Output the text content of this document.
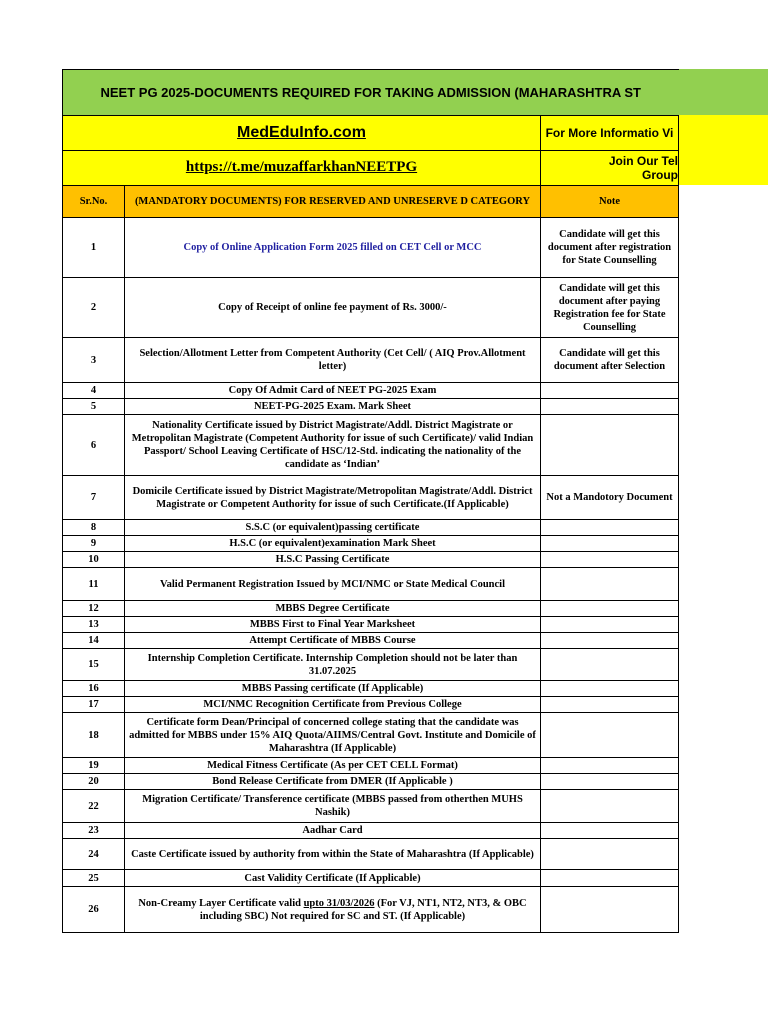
NEET PG 2025-DOCUMENTS REQUIRED FOR TAKING ADMISSION (MAHARASHTRA ST		
MedEduInfo.com		For More Informatio Vi
https://t.me/muzaffarkhanNEETPG		Join Our Tel
Group

Sr.No.	(MANDATORY DOCUMENTS) FOR RESERVED AND UNRESERVE D CATEGORY	Note
1	Copy of Online Application Form 2025 filled on CET Cell or MCC	Candidate will get this document after registration for State Counselling
2	Copy of Receipt of online fee payment of Rs. 3000/-	Candidate will get this document after paying Registration fee for State Counselling
3	Selection/Allotment Letter from Competent Authority (Cet Cell/ ( AIQ Prov.Allotment letter)	Candidate will get this document after Selection
4	Copy Of Admit Card of NEET PG-2025 Exam	
5	NEET-PG-2025 Exam. Mark Sheet	
6	Nationality Certificate issued by District Magistrate/Addl. District Magistrate or Metropolitan Magistrate (Competent Authority for issue of such Certificate)/ valid Indian Passport/ School Leaving Certificate of HSC/12-Std. indicating the nationality of the candidate as ‘Indian’	
7	Domicile Certificate issued by District Magistrate/Metropolitan Magistrate/Addl. District Magistrate or Competent Authority for issue of such Certificate.(If Applicable)	Not a Mandotory Document
8	S.S.C (or equivalent)passing certificate	
9	H.S.C (or equivalent)examination Mark Sheet	
10	H.S.C Passing Certificate	
11	Valid Permanent Registration Issued by MCI/NMC or State Medical Council	
12	MBBS Degree Certificate	
13	MBBS First to Final Year Marksheet	
14	Attempt Certificate of MBBS Course	
15	Internship Completion Certificate. Internship Completion should not be later than 31.07.2025	
16	MBBS Passing certificate (If Applicable)	
17	MCI/NMC Recognition Certificate from Previous College	
18	Certificate form Dean/Principal of concerned college stating that the candidate was admitted for MBBS under 15% AIQ Quota/AIIMS/Central Govt. Institute and Domicile of Maharashtra (If Applicable)	
19	Medical Fitness Certificate (As per CET CELL Format)	
20	Bond Release Certificate from DMER (If Applicable )	
22	Migration Certificate/ Transference certificate (MBBS passed from otherthen MUHS Nashik)	
23	Aadhar Card	
24	Caste Certificate issued by authority from within the State of Maharashtra (If Applicable)	
25	Cast Validity Certificate (If Applicable)	
26	Non-Creamy Layer Certificate valid upto 31/03/2026 (For VJ, NT1, NT2, NT3, & OBC including SBC) Not required for SC and ST. (If Applicable)	
